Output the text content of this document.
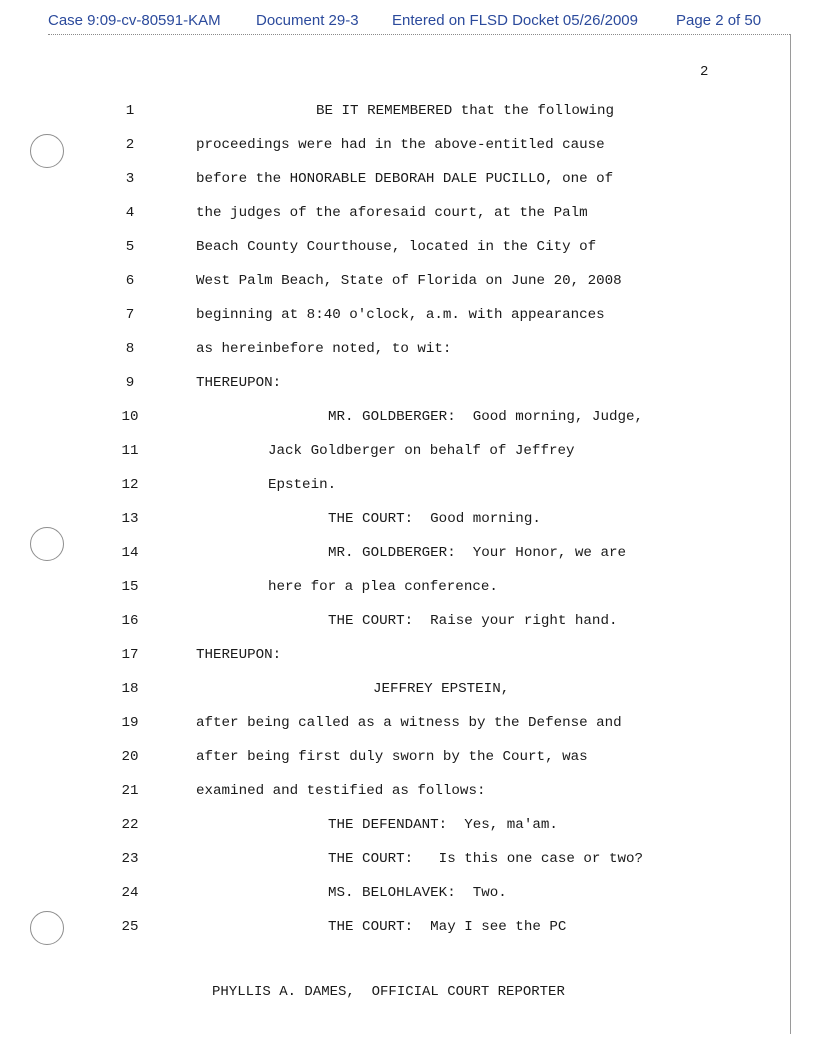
Case 9:09-cv-80591-KAM Document 29-3 Entered on FLSD Docket 05/26/2009	Page 2 of 50
2
1	BE IT REMEMBERED that the following
2	proceedings were had in the above-entitled cause
3	before the HONORABLE DEBORAH DALE PUCILLO, one of
4	the judges of the aforesaid court, at the Palm
5	Beach County Courthouse, located in the City of
6	West Palm Beach, State of Florida on June 20, 2008
7	beginning at 8:40 o'clock, a.m. with appearances
8	as hereinbefore noted, to wit:
9	THEREUPON:
10	MR. GOLDBERGER:  Good morning, Judge,
11	Jack Goldberger on behalf of Jeffrey
12	Epstein.
13	THE COURT:  Good morning.
14	MR. GOLDBERGER:  Your Honor, we are
15	here for a plea conference.
16	THE COURT:  Raise your right hand.
17	THEREUPON:
18	JEFFREY EPSTEIN,
19	after being called as a witness by the Defense and
20	after being first duly sworn by the Court, was
21	examined and testified as follows:
22	THE DEFENDANT:  Yes, ma'am.
23	THE COURT:   Is this one case or two?
24	MS. BELOHLAVEK:  Two.
25	THE COURT:  May I see the PC
PHYLLIS A. DAMES,  OFFICIAL COURT REPORTER
